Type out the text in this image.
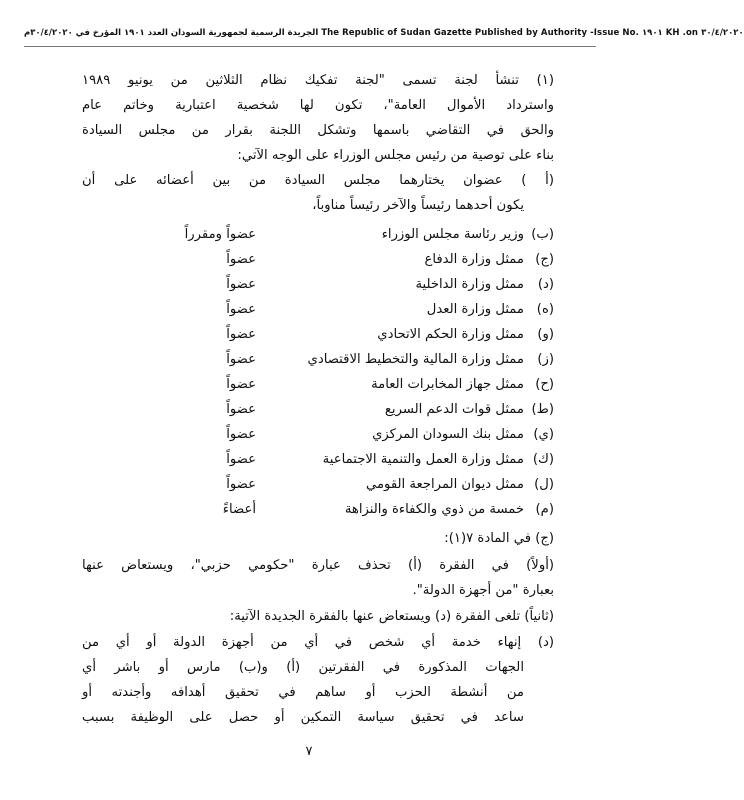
الجريدة الرسمية لجمهورية السودان العدد ١٩٠١ المؤرخ في ٣٠/٤/٢٠٢٠م The Republic of Sudan Gazette Published by Authority -Issue No. ١٩٠١ KH .on ٣٠/٤/٢٠٢٠
(١) تنشأ لجنة تسمى "لجنة تفكيك نظام الثلاثين من يونيو ١٩٨٩
واسترداد الأموال العامة"، تكون لها شخصية اعتبارية وخاتم عام
والحق في التقاضي باسمها وتشكل اللجنة بقرار من مجلس السيادة
بناء على توصية من رئيس مجلس الوزراء على الوجه الآتي:
(أ ) عضوان يختارهما مجلس السيادة من بين أعضائه على أن
يكون أحدهما رئيساً والآخر رئيساً مناوباً،
(ب)
وزير رئاسة مجلس الوزراء
عضواً ومقرراً
(ج)
ممثل وزارة الدفاع
عضواً
(د)
ممثل وزارة الداخلية
عضواً
(ه)
ممثل وزارة العدل
عضواً
(و)
ممثل وزارة الحكم الاتحادي
عضواً
(ز)
ممثل وزارة المالية والتخطيط الاقتصادي
عضواً
(ح)
ممثل جهاز المخابرات العامة
عضواً
(ط)
ممثل قوات الدعم السريع
عضواً
(ي)
ممثل بنك السودان المركزي
عضواً
(ك)
ممثل وزارة العمل والتنمية الاجتماعية
عضواً
(ل)
ممثل ديوان المراجعة القومي
عضواً
(م)
خمسة من ذوي والكفاءة والنزاهة
أعضاءً
(ج) في المادة ٧(١):
(أولاً) في الفقرة (أ) تحذف عبارة "حكومي حزبي"، ويستعاض عنها
بعبارة "من أجهزة الدولة".
(ثانياً) تلغى الفقرة (د) ويستعاض عنها بالفقرة الجديدة الآتية:
(د) إنهاء خدمة أي شخص في أي من أجهزة الدولة أو أي من
الجهات المذكورة في الفقرتين (أ) و(ب) مارس أو باشر أي
من أنشطة الحزب أو ساهم في تحقيق أهدافه وأجندته أو
ساعد في تحقيق سياسة التمكين أو حصل على الوظيفة بسبب
٧
